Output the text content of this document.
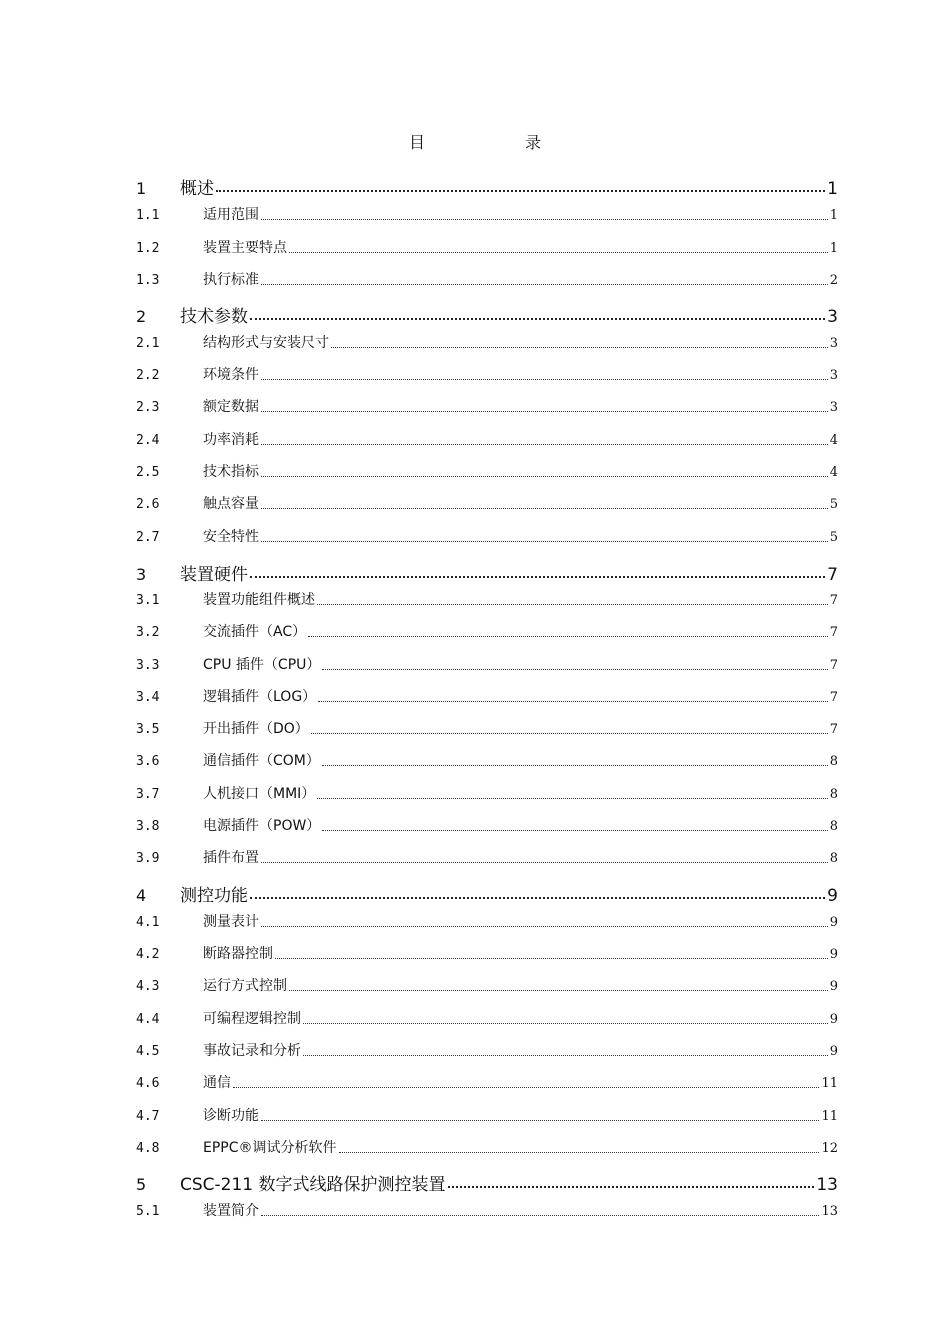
目	录
1	概述	1
1.1	适用范围	1
1.2	装置主要特点	1
1.3	执行标准	2
2	技术参数	3
2.1	结构形式与安装尺寸	3
2.2	环境条件	3
2.3	额定数据	3
2.4	功率消耗	4
2.5	技术指标	4
2.6	触点容量	5
2.7	安全特性	5
3	装置硬件	7
3.1	装置功能组件概述	7
3.2	交流插件（AC）	7
3.3	CPU 插件（CPU）	7
3.4	逻辑插件（LOG）	7
3.5	开出插件（DO）	7
3.6	通信插件（COM）	8
3.7	人机接口（MMI）	8
3.8	电源插件（POW）	8
3.9	插件布置	8
4	测控功能	9
4.1	测量表计	9
4.2	断路器控制	9
4.3	运行方式控制	9
4.4	可编程逻辑控制	9
4.5	事故记录和分析	9
4.6	通信	11
4.7	诊断功能	11
4.8	EPPC®调试分析软件	12
5	CSC-211 数字式线路保护测控装置	13
5.1	装置简介	13
